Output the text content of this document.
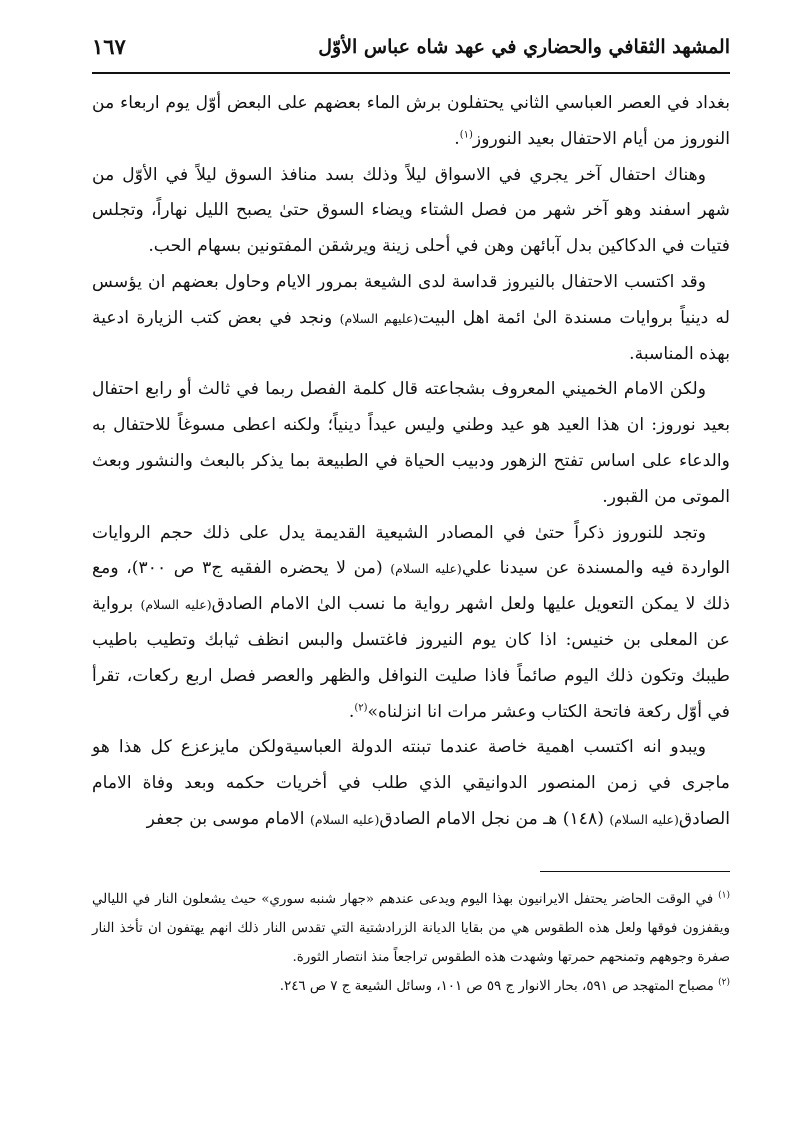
المشهد الثقافي والحضاري في عهد شاه عباس الأوّل
١٦٧

بغداد في العصر العباسي الثاني يحتفلون برش الماء بعضهم على البعض أوّل يوم اربعاء من النوروز من أيام الاحتفال بعيد النوروز$^{(١)}$.

وهناك احتفال آخر يجري في الاسواق ليلاً وذلك بسد منافذ السوق ليلاً في الأوّل من شهر اسفند وهو آخر شهر من فصل الشتاء ويضاء السوق حتىٰ يصبح الليل نهاراً، وتجلس فتيات في الدكاكين بدل آبائهن وهن في أحلى زينة ويرشقن المفتونين بسهام الحب.

وقد اكتسب الاحتفال بالنيروز قداسة لدى الشيعة بمرور الايام وحاول بعضهم ان يؤسس له دينياً بروايات مسندة الىٰ ائمة اهل البيت(عليهم السلام) ونجد في بعض كتب الزيارة ادعية بهذه المناسبة.

ولكن الامام الخميني المعروف بشجاعته قال كلمة الفصل ربما في ثالث أو رابع احتفال بعيد نوروز: ان هذا العيد هو عيد وطني وليس عيداً دينياً؛ ولكنه اعطى مسوغاً للاحتفال به والدعاء على اساس تفتح الزهور ودبيب الحياة في الطبيعة بما يذكر بالبعث والنشور وبعث الموتى من القبور.

وتجد للنوروز ذكراً حتىٰ في المصادر الشيعية القديمة يدل على ذلك حجم الروايات الواردة فيه والمسندة عن سيدنا علي(عليه السلام) (من لا يحضره الفقيه ج٣ ص ٣٠٠)، ومع ذلك لا يمكن التعويل عليها ولعل اشهر رواية ما نسب الىٰ الامام الصادق(عليه السلام) برواية عن المعلى بن خنيس: اذا كان يوم النيروز فاغتسل والبس انظف ثيابك وتطيب باطيب طيبك وتكون ذلك اليوم صائماً فاذا صليت النوافل والظهر والعصر فصل اربع ركعات، تقرأ في أوّل ركعة فاتحة الكتاب وعشر مرات انا انزلناه»$^{(٢)}$.

ويبدو انه اكتسب اهمية خاصة عندما تبنته الدولة العباسيةولكن مايزعزع كل هذا هو ماجرى في زمن المنصور الدوانيقي الذي طلب في أخريات حكمه وبعد وفاة الامام الصادق(عليه السلام) (١٤٨) هـ من نجل الامام الصادق(عليه السلام) الامام موسى بن جعفر

$^{(١)}$ في الوقت الحاضر يحتفل الايرانيون بهذا اليوم ويدعى عندهم «جهار شنبه سوري» حيث يشعلون النار في الليالي ويقفزون فوقها ولعل هذه الطقوس هي من بقايا الديانة الزرادشتية التي تقدس النار ذلك انهم يهتفون ان تأخذ النار صفرة وجوههم وتمنحهم حمرتها وشهدت هذه الطقوس تراجعاً منذ انتصار الثورة.

$^{(٢)}$ مصباح المتهجد ص ٥٩١، بحار الانوار ج ٥٩ ص ١٠١، وسائل الشيعة ج ٧ ص ٢٤٦.
